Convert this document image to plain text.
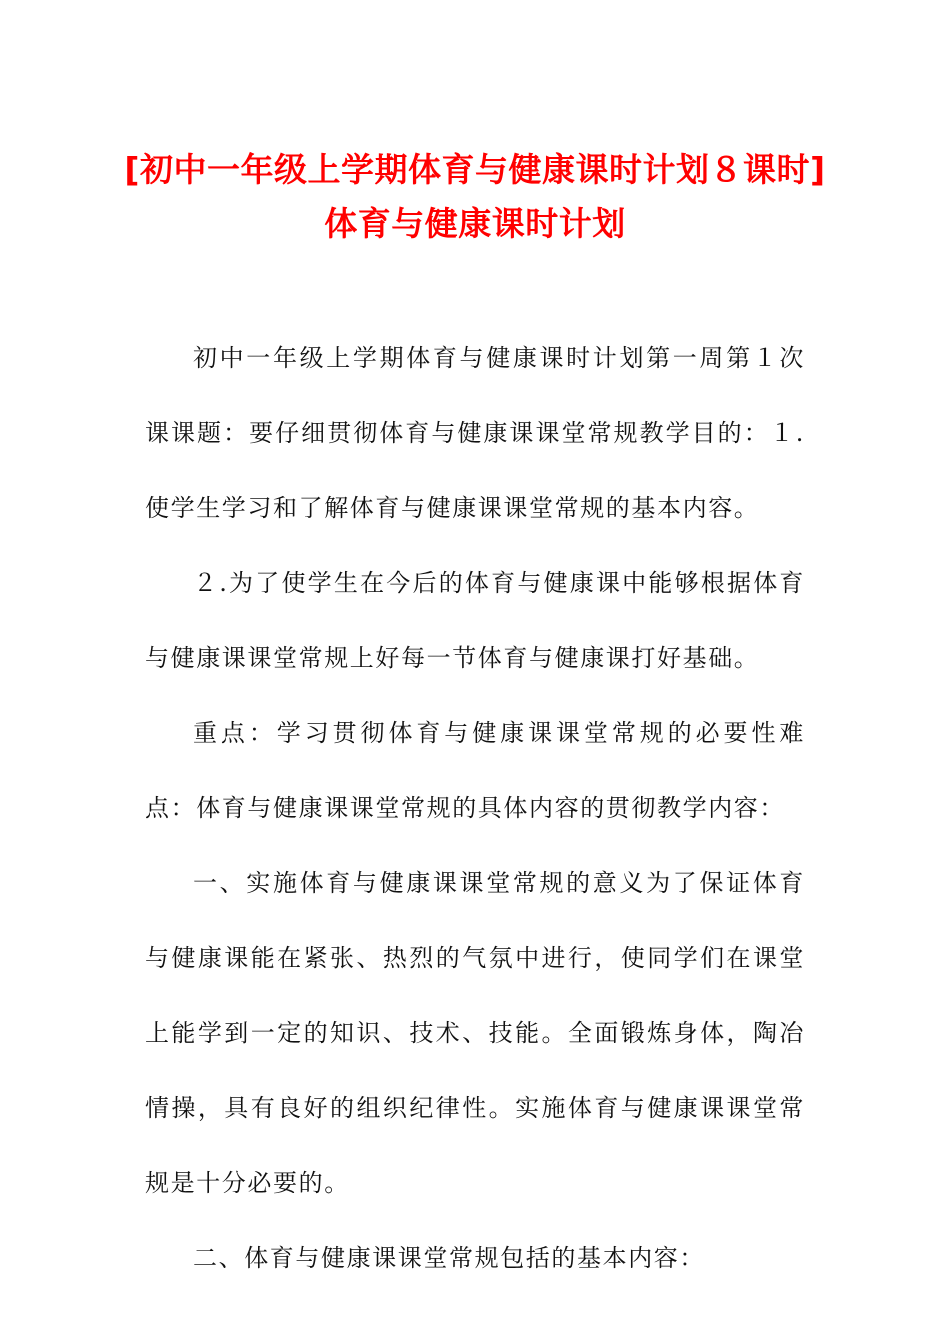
[初中一年级上学期体育与健康课时计划８课时]体育与健康课时计划

初中一年级上学期体育与健康课时计划第一周第１次课课题：要仔细贯彻体育与健康课课堂常规教学目的：１.使学生学习和了解体育与健康课课堂常规的基本内容。

２.为了使学生在今后的体育与健康课中能够根据体育与健康课课堂常规上好每一节体育与健康课打好基础。

重点：学习贯彻体育与健康课课堂常规的必要性难点：体育与健康课课堂常规的具体内容的贯彻教学内容：

一、实施体育与健康课课堂常规的意义为了保证体育与健康课能在紧张、热烈的气氛中进行，使同学们在课堂上能学到一定的知识、技术、技能。全面锻炼身体，陶冶情操，具有良好的组织纪律性。实施体育与健康课课堂常规是十分必要的。

二、体育与健康课课堂常规包括的基本内容：
